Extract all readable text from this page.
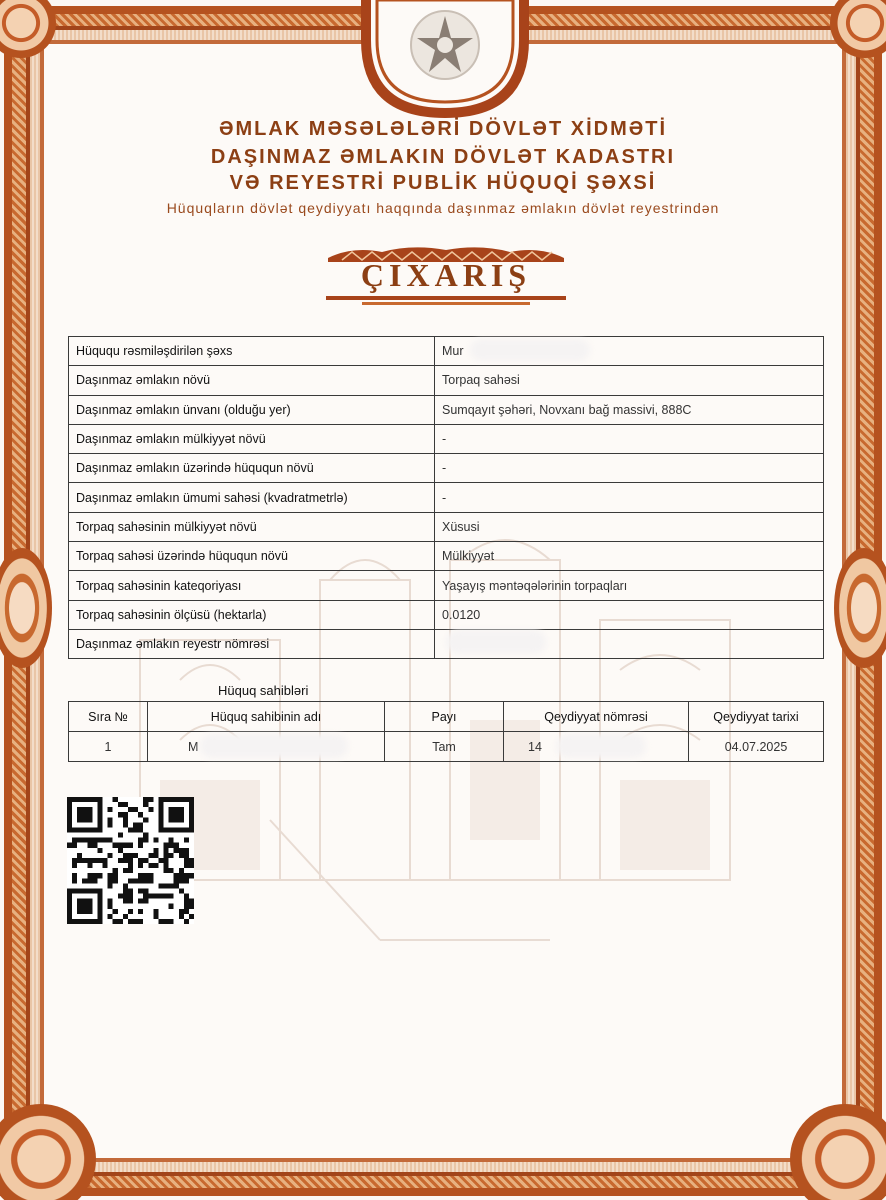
ƏMLAK MƏSƏLƏLƏRİ DÖVLƏT XİDMƏTİ
DAŞINMAZ ƏMLAKIN DÖVLƏT KADASTRI
VƏ REYESTRİ PUBLİK HÜQUQİ ŞƏXSİ
Hüquqların dövlət qeydiyyatı haqqında daşınmaz əmlakın dövlət reyestrindən
ÇIXARIŞ
Hüququ rəsmiləşdirilən şəxs	Mur
Daşınmaz əmlakın növü	Torpaq sahəsi
Daşınmaz əmlakın ünvanı (olduğu yer)	Sumqayıt şəhəri, Novxanı bağ massivi, 888C
Daşınmaz əmlakın mülkiyyət növü	-
Daşınmaz əmlakın üzərində hüququn növü	-
Daşınmaz əmlakın ümumi sahəsi (kvadratmetrlə)	-
Torpaq sahəsinin mülkiyyət növü	Xüsusi
Torpaq sahəsi üzərində hüququn növü	Mülkiyyət
Torpaq sahəsinin kateqoriyası	Yaşayış məntəqələrinin torpaqları
Torpaq sahəsinin ölçüsü (hektarla)	0.0120
Daşınmaz əmlakın reyestr nömrəsi	
Hüquq sahibləri
Sıra №	Hüquq sahibinin adı	Payı	Qeydiyyat nömrəsi	Qeydiyyat tarixi
1	M	Tam	14	04.07.2025
